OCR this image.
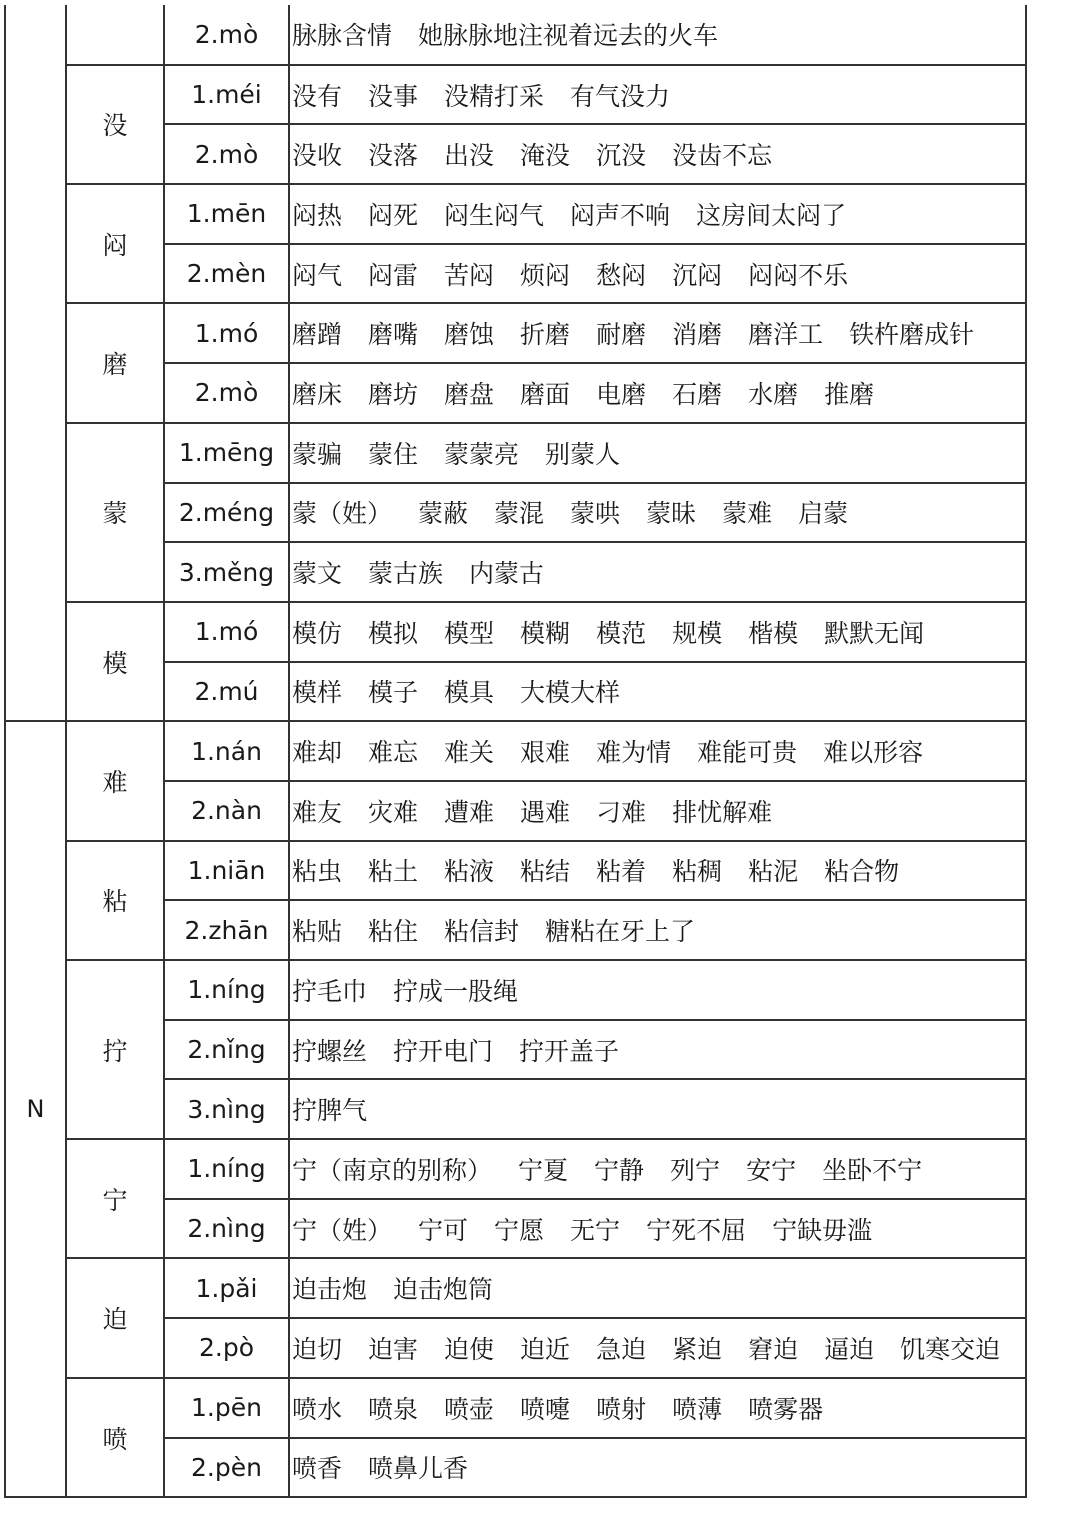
		2.mò	脉脉含情 她脉脉地注视着远去的火车
	没	1.méi	没有 没事 没精打采 有气没力
		2.mò	没收 没落 出没 淹没 沉没 没齿不忘
	闷	1.mēn	闷热 闷死 闷生闷气 闷声不响 这房间太闷了
		2.mèn	闷气 闷雷 苦闷 烦闷 愁闷 沉闷 闷闷不乐
	磨	1.mó	磨蹭 磨嘴 磨蚀 折磨 耐磨 消磨 磨洋工 铁杵磨成针
		2.mò	磨床 磨坊 磨盘 磨面 电磨 石磨 水磨 推磨
	蒙	1.mēng	蒙骗 蒙住 蒙蒙亮 别蒙人
		2.méng	蒙（姓） 蒙蔽 蒙混 蒙哄 蒙昧 蒙难 启蒙
		3.měng	蒙文 蒙古族 内蒙古
	模	1.mó	模仿 模拟 模型 模糊 模范 规模 楷模 默默无闻
		2.mú	模样 模子 模具 大模大样
N	难	1.nán	难却 难忘 难关 艰难 难为情 难能可贵 难以形容
		2.nàn	难友 灾难 遭难 遇难 刁难 排忧解难
	粘	1.niān	粘虫 粘土 粘液 粘结 粘着 粘稠 粘泥 粘合物
		2.zhān	粘贴 粘住 粘信封 糖粘在牙上了
	拧	1.níng	拧毛巾 拧成一股绳
		2.nǐng	拧螺丝 拧开电门 拧开盖子
		3.nìng	拧脾气
	宁	1.níng	宁（南京的别称） 宁夏 宁静 列宁 安宁 坐卧不宁
		2.nìng	宁（姓） 宁可 宁愿 无宁 宁死不屈 宁缺毋滥
	迫	1.pǎi	迫击炮 迫击炮筒
		2.pò	迫切 迫害 迫使 迫近 急迫 紧迫 窘迫 逼迫 饥寒交迫
	喷	1.pēn	喷水 喷泉 喷壶 喷嚏 喷射 喷薄 喷雾器
		2.pèn	喷香 喷鼻儿香
